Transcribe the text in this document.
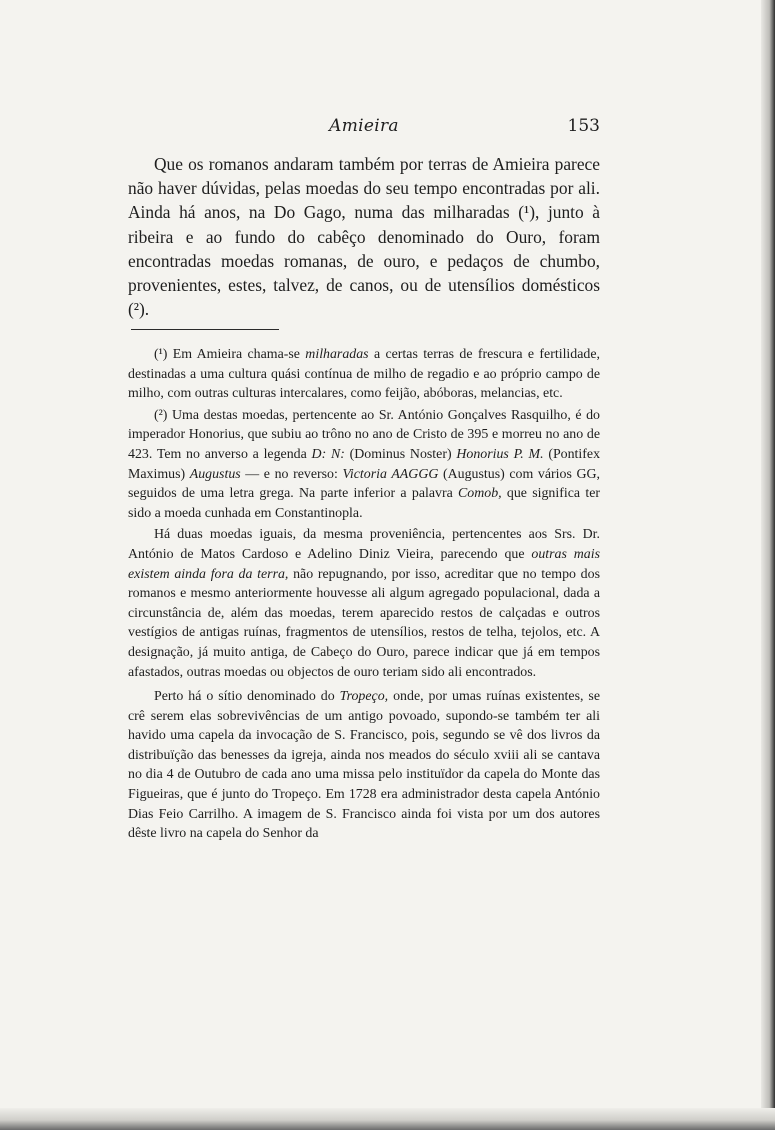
Amieira	153

Que os romanos andaram também por terras de Amieira parece não haver dúvidas, pelas moedas do seu tempo encontradas por ali. Ainda há anos, na Do Gago, numa das milharadas (¹), junto à ribeira e ao fundo do cabêço denominado do Ouro, foram encontradas moedas romanas, de ouro, e pedaços de chumbo, provenientes, estes, talvez, de canos, ou de utensílios domésticos (²).

(¹) Em Amieira chama-se milharadas a certas terras de frescura e fertilidade, destinadas a uma cultura quási contínua de milho de regadio e ao próprio campo de milho, com outras culturas intercalares, como feijão, abóboras, melancias, etc.

(²) Uma destas moedas, pertencente ao Sr. António Gonçalves Rasquilho, é do imperador Honorius, que subiu ao trôno no ano de Cristo de 395 e morreu no ano de 423. Tem no anverso a legenda D: N: (Dominus Noster) Honorius P. M. (Pontifex Maximus) Augustus — e no reverso: Victoria AAGGG (Augustus) com vários GG, seguidos de uma letra grega. Na parte inferior a palavra Comob, que significa ter sido a moeda cunhada em Constantinopla.

Há duas moedas iguais, da mesma proveniência, pertencentes aos Srs. Dr. António de Matos Cardoso e Adelino Diniz Vieira, parecendo que outras mais existem ainda fora da terra, não repugnando, por isso, acreditar que no tempo dos romanos e mesmo anteriormente houvesse ali algum agregado populacional, dada a circunstância de, além das moedas, terem aparecido restos de calçadas e outros vestígios de antigas ruínas, fragmentos de utensílios, restos de telha, tejolos, etc. A designação, já muito antiga, de Cabeço do Ouro, parece indicar que já em tempos afastados, outras moedas ou objectos de ouro teriam sido ali encontrados.

Perto há o sítio denominado do Tropeço, onde, por umas ruínas existentes, se crê serem elas sobrevivências de um antigo povoado, supondo-se também ter ali havido uma capela da invocação de S. Francisco, pois, segundo se vê dos livros da distribuïção das benesses da igreja, ainda nos meados do século xviii ali se cantava no dia 4 de Outubro de cada ano uma missa pelo instituïdor da capela do Monte das Figueiras, que é junto do Tropeço. Em 1728 era administrador desta capela António Dias Feio Carrilho. A imagem de S. Francisco ainda foi vista por um dos autores dêste livro na capela do Senhor da
